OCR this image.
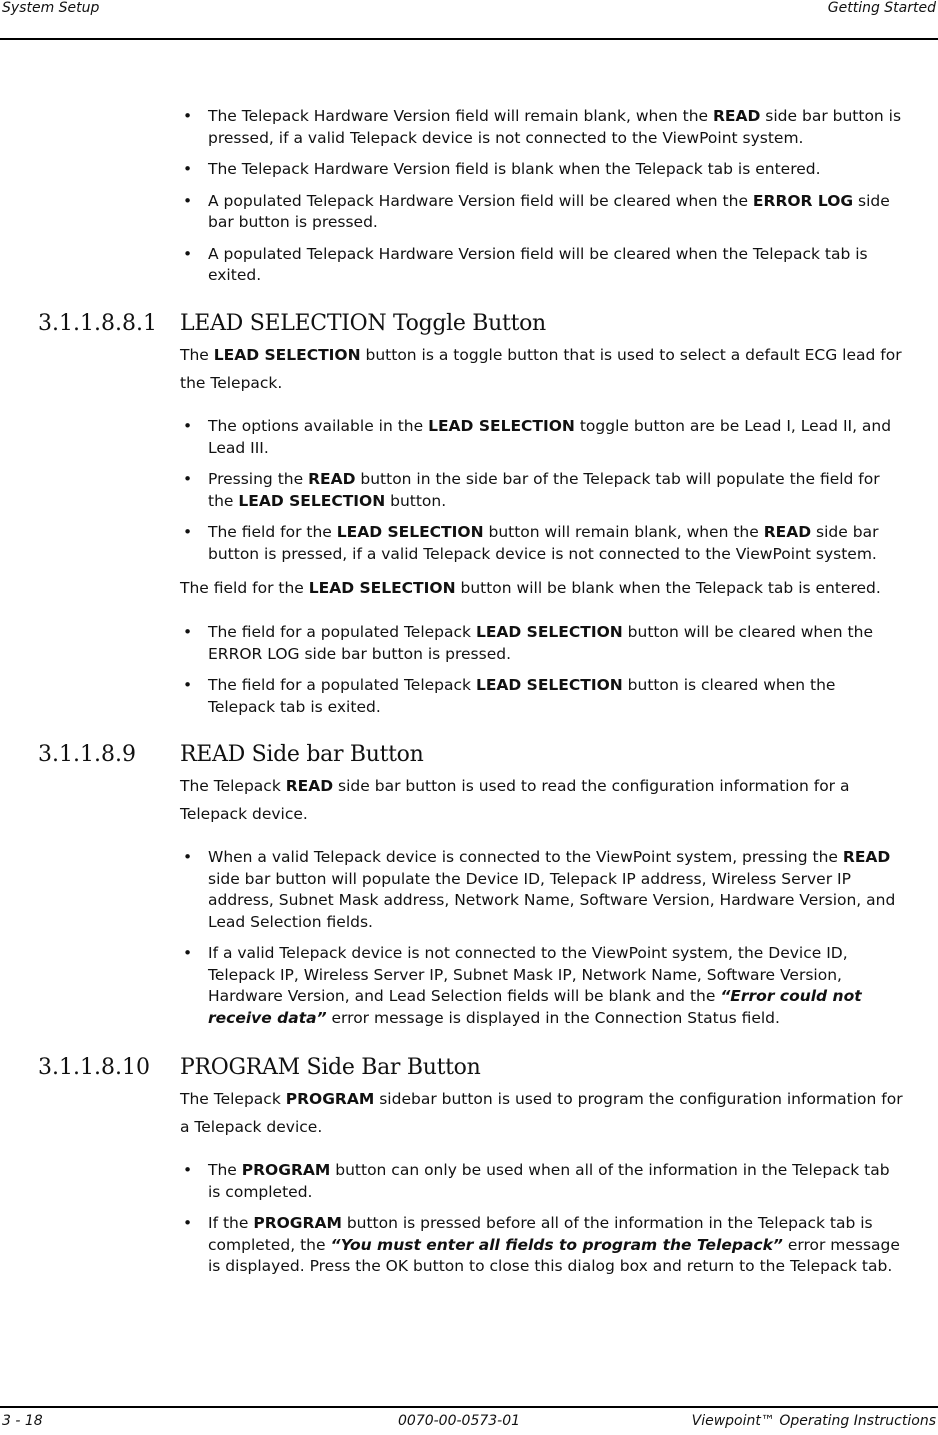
System Setup	Getting Started
• The Telepack Hardware Version field will remain blank, when the READ side bar button is pressed, if a valid Telepack device is not connected to the ViewPoint system.
• The Telepack Hardware Version field is blank when the Telepack tab is entered.
• A populated Telepack Hardware Version field will be cleared when the ERROR LOG side bar button is pressed.
• A populated Telepack Hardware Version field will be cleared when the Telepack tab is exited.
3.1.1.8.8.1 LEAD SELECTION Toggle Button

The LEAD SELECTION button is a toggle button that is used to select a default ECG lead for the Telepack.

• The options available in the LEAD SELECTION toggle button are be Lead I, Lead II, and Lead III.
• Pressing the READ button in the side bar of the Telepack tab will populate the field for the LEAD SELECTION button.
• The field for the LEAD SELECTION button will remain blank, when the READ side bar button is pressed, if a valid Telepack device is not connected to the ViewPoint system.

The field for the LEAD SELECTION button will be blank when the Telepack tab is entered.

• The field for a populated Telepack LEAD SELECTION button will be cleared when the ERROR LOG side bar button is pressed.
• The field for a populated Telepack LEAD SELECTION button is cleared when the Telepack tab is exited.
3.1.1.8.9 READ Side bar Button

The Telepack READ side bar button is used to read the configuration information for a Telepack device.

• When a valid Telepack device is connected to the ViewPoint system, pressing the READ side bar button will populate the Device ID, Telepack IP address, Wireless Server IP address, Subnet Mask address, Network Name, Software Version, Hardware Version, and Lead Selection fields.
• If a valid Telepack device is not connected to the ViewPoint system, the Device ID, Telepack IP, Wireless Server IP, Subnet Mask IP, Network Name, Software Version, Hardware Version, and Lead Selection fields will be blank and the “Error could not receive data” error message is displayed in the Connection Status field.
3.1.1.8.10 PROGRAM Side Bar Button

The Telepack PROGRAM sidebar button is used to program the configuration information for a Telepack device.

• The PROGRAM button can only be used when all of the information in the Telepack tab is completed.
• If the PROGRAM button is pressed before all of the information in the Telepack tab is completed, the “You must enter all fields to program the Telepack” error message is displayed. Press the OK button to close this dialog box and return to the Telepack tab.
3 - 18	0070-00-0573-01	Viewpoint™ Operating Instructions
